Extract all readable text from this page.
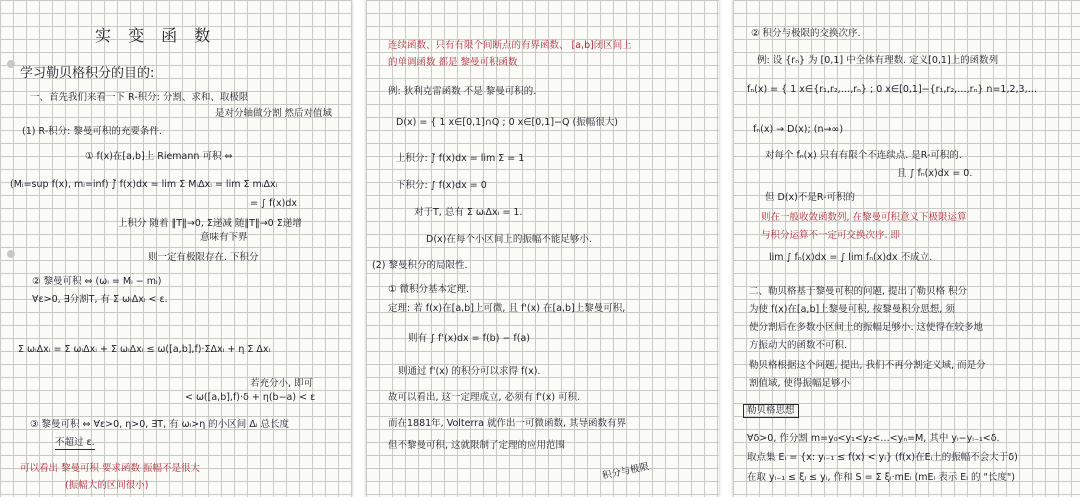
实 变 函 数
学习勒贝格积分的目的:
一、首先我们来看一下 R-积分: 分割、求和、取极限
是对分轴做分割 然后对值域
(1) R-积分: 黎曼可积的充要条件.
① f(x)在[a,b]上 Riemann 可积 ⇔
(Mᵢ=sup f(x), mᵢ=inf) ∫̄ f(x)dx = lim Σ MᵢΔxᵢ = lim Σ mᵢΔxᵢ
= ∫ f(x)dx
上积分 随着 ‖T‖→0, Σ递减 随‖T‖→0 Σ递增
意味有下界
则一定有极限存在. 下积分
② 黎曼可积 ⇔ (ωᵢ = Mᵢ − mᵢ)
∀ε>0, ∃分割T, 有 Σ ωᵢΔxᵢ < ε.
Σ ωᵢΔxᵢ = Σ ωᵢΔxᵢ + Σ ωᵢΔxᵢ ≤ ω([a,b],f)·ΣΔxᵢ + η Σ Δxᵢ
若充分小, 即可
< ω([a,b],f)·δ + η(b−a) < ε
③ 黎曼可积 ⇔ ∀ε>0, η>0, ∃T, 有 ωᵢ>η 的小区间 Δᵢ 总长度
不超过 ε.
可以看出 黎曼可积 要求函数 振幅不是很大
(振幅大的区间很小)
连续函数、只有有限个间断点的有界函数、 [a,b]闭区间上
的单调函数 都是 黎曼可积函数
例: 狄利克雷函数 不是 黎曼可积的.
D(x) = { 1 x∈[0,1]∩Q ; 0 x∈[0,1]−Q (振幅很大)
上积分: ∫̄ f(x)dx = lim Σ = 1
下积分: ∫ f(x)dx = 0
对于T, 总有 Σ ωᵢΔxᵢ = 1.
D(x)在每个小区间上的振幅不能足够小.
(2) 黎曼积分的局限性.
① 微积分基本定理.
定理: 若 f(x)在[a,b]上可微, 且 f'(x) 在[a,b]上黎曼可积,
则有 ∫ f'(x)dx = f(b) − f(a)
则通过 f'(x) 的积分可以求得 f(x).
故可以看出, 这一定理成立, 必须有 f'(x) 可积.
而在1881年, Volterra 就作出一可微函数, 其导函数有界
但不黎曼可积, 这就限制了定理的应用范围
积分与极限
② 积分与极限的交换次序.
例: 设 {rₙ} 为 [0,1] 中全体有理数. 定义[0,1]上的函数列
fₙ(x) = { 1 x∈{r₁,r₂,…,rₙ} ; 0 x∈[0,1]−{r₁,r₂,…,rₙ} n=1,2,3,…
fₙ(x) → D(x); (n→∞)
对每个 fₙ(x) 只有有限个不连续点. 是R-可积的.
且 ∫ fₙ(x)dx = 0.
但 D(x)不是R-可积的
则在一般收敛函数列, 在黎曼可积意义下极限运算
与积分运算不一定可交换次序. 即
lim ∫ fₙ(x)dx = ∫ lim fₙ(x)dx 不成立.
二、勒贝格基于黎曼可积的问题, 提出了勒贝格 积分
为使 f(x)在[a,b]上黎曼可积, 按黎曼积分思想, 须
使分割后在多数小区间上的振幅足够小. 这使得在较多地
方振动大的函数不可积.
勒贝格根据这个问题, 提出, 我们不再分割定义域, 而是分
割值域, 使得振幅足够小
勒贝格思想
∀δ>0, 作分割 m=y₀<y₁<y₂<…<yₙ=M, 其中 yᵢ−yᵢ₋₁<δ.
取点集 Eᵢ = {x: yᵢ₋₁ ≤ f(x) < yᵢ} (f(x)在Eᵢ上的振幅不会大于δ)
在取 yᵢ₋₁ ≤ ξᵢ ≤ yᵢ, 作和 S = Σ ξᵢ·mEᵢ (mEᵢ 表示 Eᵢ 的 "长度")
